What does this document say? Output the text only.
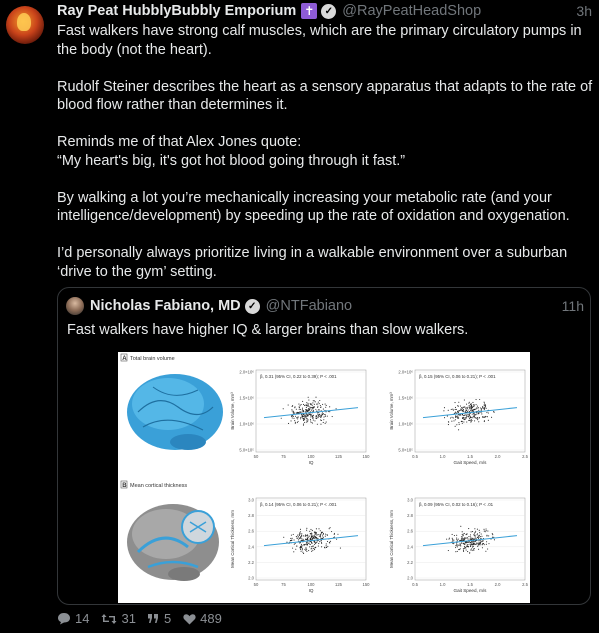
Ray Peat HubblyBubbly Emporium ✝	✓ @RayPeatHeadShop	3h

Fast walkers have strong calf muscles, which are the primary circulatory pumps in the body (not the heart).

Rudolf Steiner describes the heart as a sensory apparatus that adapts to the rate of blood flow rather than determines it.

Reminds me of that Alex Jones quote:

“My heart's big, it's got hot blood going through it fast.”

By walking a lot you’re mechanically increasing your metabolic rate (and your intelligence/development) by speeding up the rate of oxidation and oxygenation.

I’d personally always prioritize living in a walkable environment over a suburban ‘drive to the gym’ setting.

Nicholas Fabiano, MD ✓ @NTFabiano	11h
Fast walkers have higher IQ & larger brains than slow walkers.
A Total brain volume
B Mean cortical thickness
2.0×10⁶
1.5×10⁶
1.0×10⁶
5.0×10⁵
50	75	100	125	150
IQ
Brain Volume, mm³
β, 0.31 (95% CI, 0.22 to 0.39); P < .001
2.0×10⁶
1.5×10⁶
1.0×10⁶
5.0×10⁵
0.5	1.0	1.5	2.0	2.5
Gait Speed, m/s
Brain Volume, mm³
β, 0.15 (95% CI, 0.06 to 0.21); P < .001
3.0
2.8
2.6
2.4
2.2
2.0
50	75	100	125	150
IQ
Mean Cortical Thickness, mm
β, 0.14 (95% CI, 0.06 to 0.21); P < .001
3.0
2.8
2.6
2.4
2.2
2.0
0.5	1.0	1.5	2.0	2.5
Gait Speed, m/s
Mean Cortical Thickness, mm
β, 0.09 (95% CI, 0.02 to 0.16); P < .01
14 31 5 489
